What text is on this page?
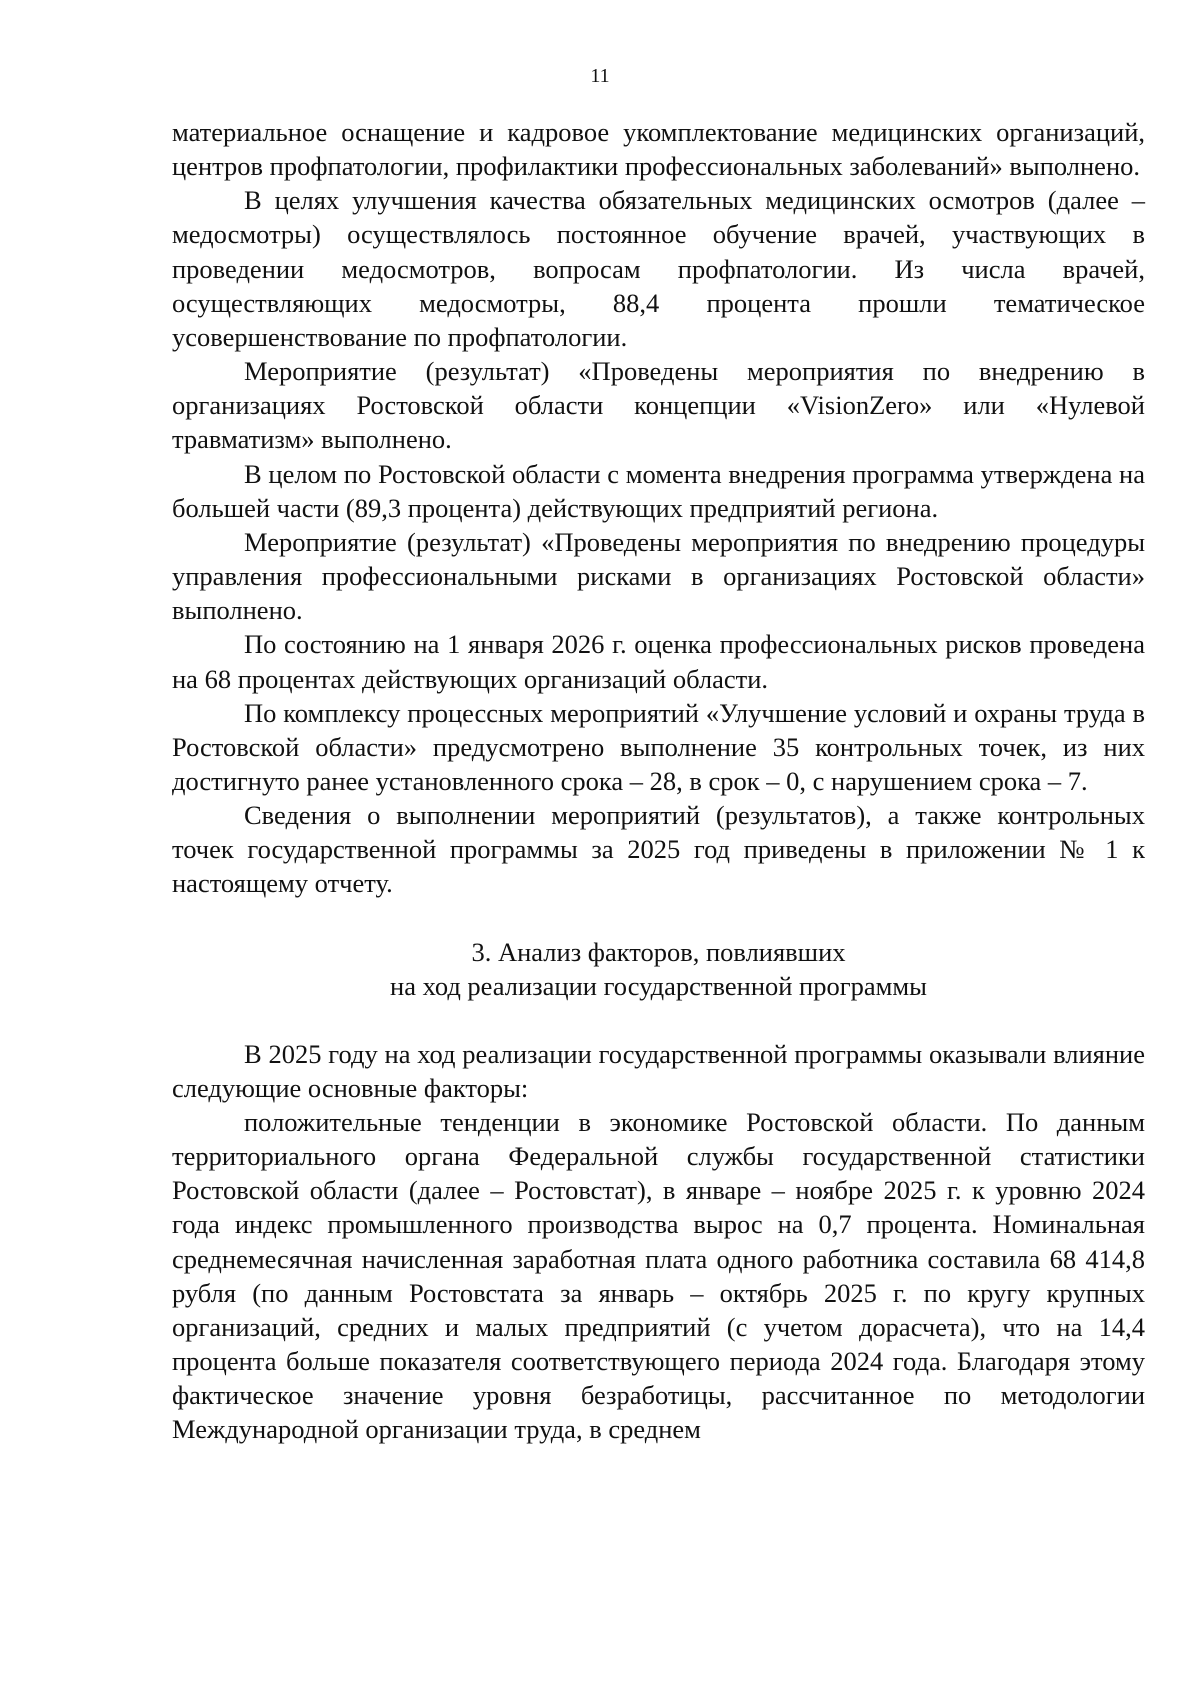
11

материальное оснащение и кадровое укомплектование медицинских организаций, центров профпатологии, профилактики профессиональных заболеваний» выполнено.

В целях улучшения качества обязательных медицинских осмотров (далее – медосмотры) осуществлялось постоянное обучение врачей, участвующих в проведении медосмотров, вопросам профпатологии. Из числа врачей, осуществляющих медосмотры, 88,4 процента прошли тематическое усовершенствование по профпатологии.

Мероприятие (результат) «Проведены мероприятия по внедрению в организациях Ростовской области концепции «VisionZero» или «Нулевой травматизм» выполнено.

В целом по Ростовской области с момента внедрения программа утверждена на большей части (89,3 процента) действующих предприятий региона.

Мероприятие (результат) «Проведены мероприятия по внедрению процедуры управления профессиональными рисками в организациях Ростовской области» выполнено.

По состоянию на 1 января 2026 г. оценка профессиональных рисков проведена на 68 процентах действующих организаций области.

По комплексу процессных мероприятий «Улучшение условий и охраны труда в Ростовской области» предусмотрено выполнение 35 контрольных точек, из них достигнуто ранее установленного срока – 28, в срок – 0, с нарушением срока – 7.

Сведения о выполнении мероприятий (результатов), а также контрольных точек государственной программы за 2025 год приведены в приложении № 1 к настоящему отчету.

3. Анализ факторов, повлиявших
на ход реализации государственной программы

В 2025 году на ход реализации государственной программы оказывали влияние следующие основные факторы:

положительные тенденции в экономике Ростовской области. По данным территориального органа Федеральной службы государственной статистики Ростовской области (далее – Ростовстат), в январе – ноябре 2025 г. к уровню 2024 года индекс промышленного производства вырос на 0,7 процента. Номинальная среднемесячная начисленная заработная плата одного работника составила 68 414,8 рубля (по данным Ростовстата за январь – октябрь 2025 г. по кругу крупных организаций, средних и малых предприятий (с учетом дорасчета), что на 14,4 процента больше показателя соответствующего периода 2024 года. Благодаря этому фактическое значение уровня безработицы, рассчитанное по методологии Международной организации труда, в среднем
